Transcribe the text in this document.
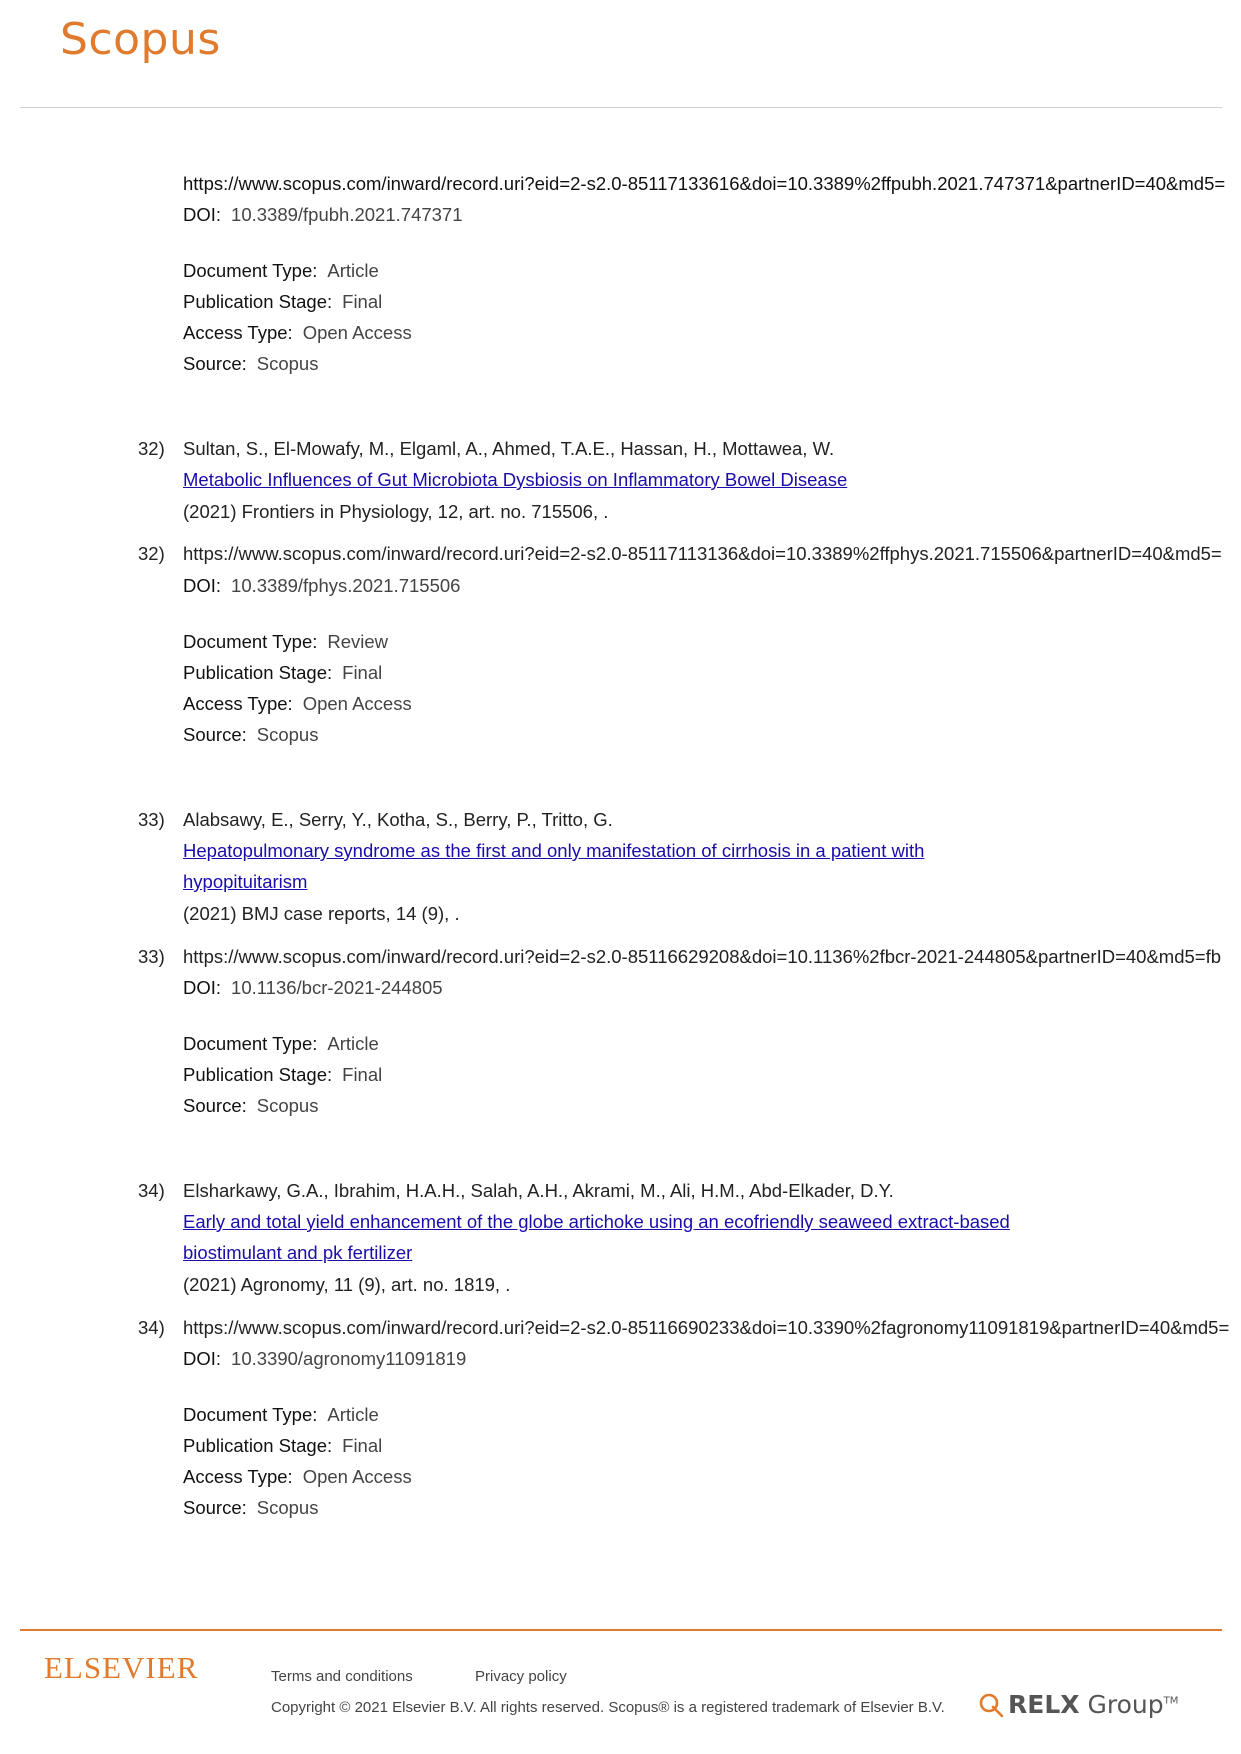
Scopus
https://www.scopus.com/inward/record.uri?eid=2-s2.0-85117133616&doi=10.3389%2ffpubh.2021.747371&partnerID=40&md5=
DOI: 10.3389/fpubh.2021.747371
Document Type: Article
Publication Stage: Final
Access Type: Open Access
Source: Scopus
32) Sultan, S., El-Mowafy, M., Elgaml, A., Ahmed, T.A.E., Hassan, H., Mottawea, W.
Metabolic Influences of Gut Microbiota Dysbiosis on Inflammatory Bowel Disease
(2021) Frontiers in Physiology, 12, art. no. 715506, .
32) https://www.scopus.com/inward/record.uri?eid=2-s2.0-85117113136&doi=10.3389%2ffphys.2021.715506&partnerID=40&md5=
DOI: 10.3389/fphys.2021.715506
Document Type: Review
Publication Stage: Final
Access Type: Open Access
Source: Scopus
33) Alabsawy, E., Serry, Y., Kotha, S., Berry, P., Tritto, G.
Hepatopulmonary syndrome as the first and only manifestation of cirrhosis in a patient with
hypopituitarism
(2021) BMJ case reports, 14 (9), .
33) https://www.scopus.com/inward/record.uri?eid=2-s2.0-85116629208&doi=10.1136%2fbcr-2021-244805&partnerID=40&md5=fb
DOI: 10.1136/bcr-2021-244805
Document Type: Article
Publication Stage: Final
Source: Scopus
34) Elsharkawy, G.A., Ibrahim, H.A.H., Salah, A.H., Akrami, M., Ali, H.M., Abd-Elkader, D.Y.
Early and total yield enhancement of the globe artichoke using an ecofriendly seaweed extract-based
biostimulant and pk fertilizer
(2021) Agronomy, 11 (9), art. no. 1819, .
34) https://www.scopus.com/inward/record.uri?eid=2-s2.0-85116690233&doi=10.3390%2fagronomy11091819&partnerID=40&md5=
DOI: 10.3390/agronomy11091819
Document Type: Article
Publication Stage: Final
Access Type: Open Access
Source: Scopus
ELSEVIER	Terms and conditions	Privacy policy
Copyright © 2021 Elsevier B.V. All rights reserved. Scopus® is a registered trademark of Elsevier B.V.	RELX Group™
